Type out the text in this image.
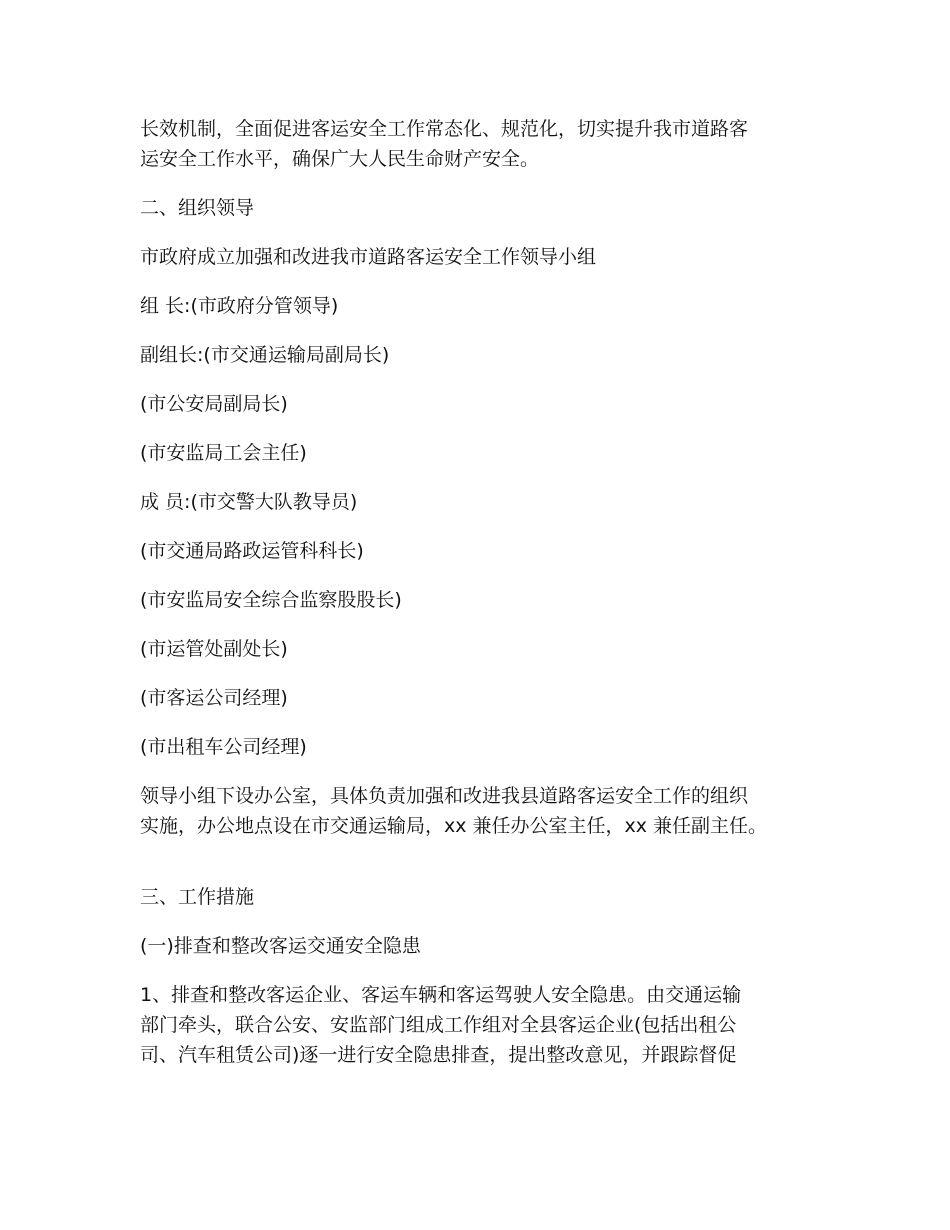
长效机制，全面促进客运安全工作常态化、规范化，切实提升我市道路客
运安全工作水平，确保广大人民生命财产安全。
二、组织领导
市政府成立加强和改进我市道路客运安全工作领导小组
组 长:(市政府分管领导)
副组长:(市交通运输局副局长)
(市公安局副局长)
(市安监局工会主任)
成 员:(市交警大队教导员)
(市交通局路政运管科科长)
(市安监局安全综合监察股股长)
(市运管处副处长)
(市客运公司经理)
(市出租车公司经理)
领导小组下设办公室，具体负责加强和改进我县道路客运安全工作的组织
实施，办公地点设在市交通运输局，xx 兼任办公室主任，xx 兼任副主任。
三、工作措施
(一)排查和整改客运交通安全隐患
1、排查和整改客运企业、客运车辆和客运驾驶人安全隐患。由交通运输
部门牵头，联合公安、安监部门组成工作组对全县客运企业(包括出租公
司、汽车租赁公司)逐一进行安全隐患排查，提出整改意见，并跟踪督促
